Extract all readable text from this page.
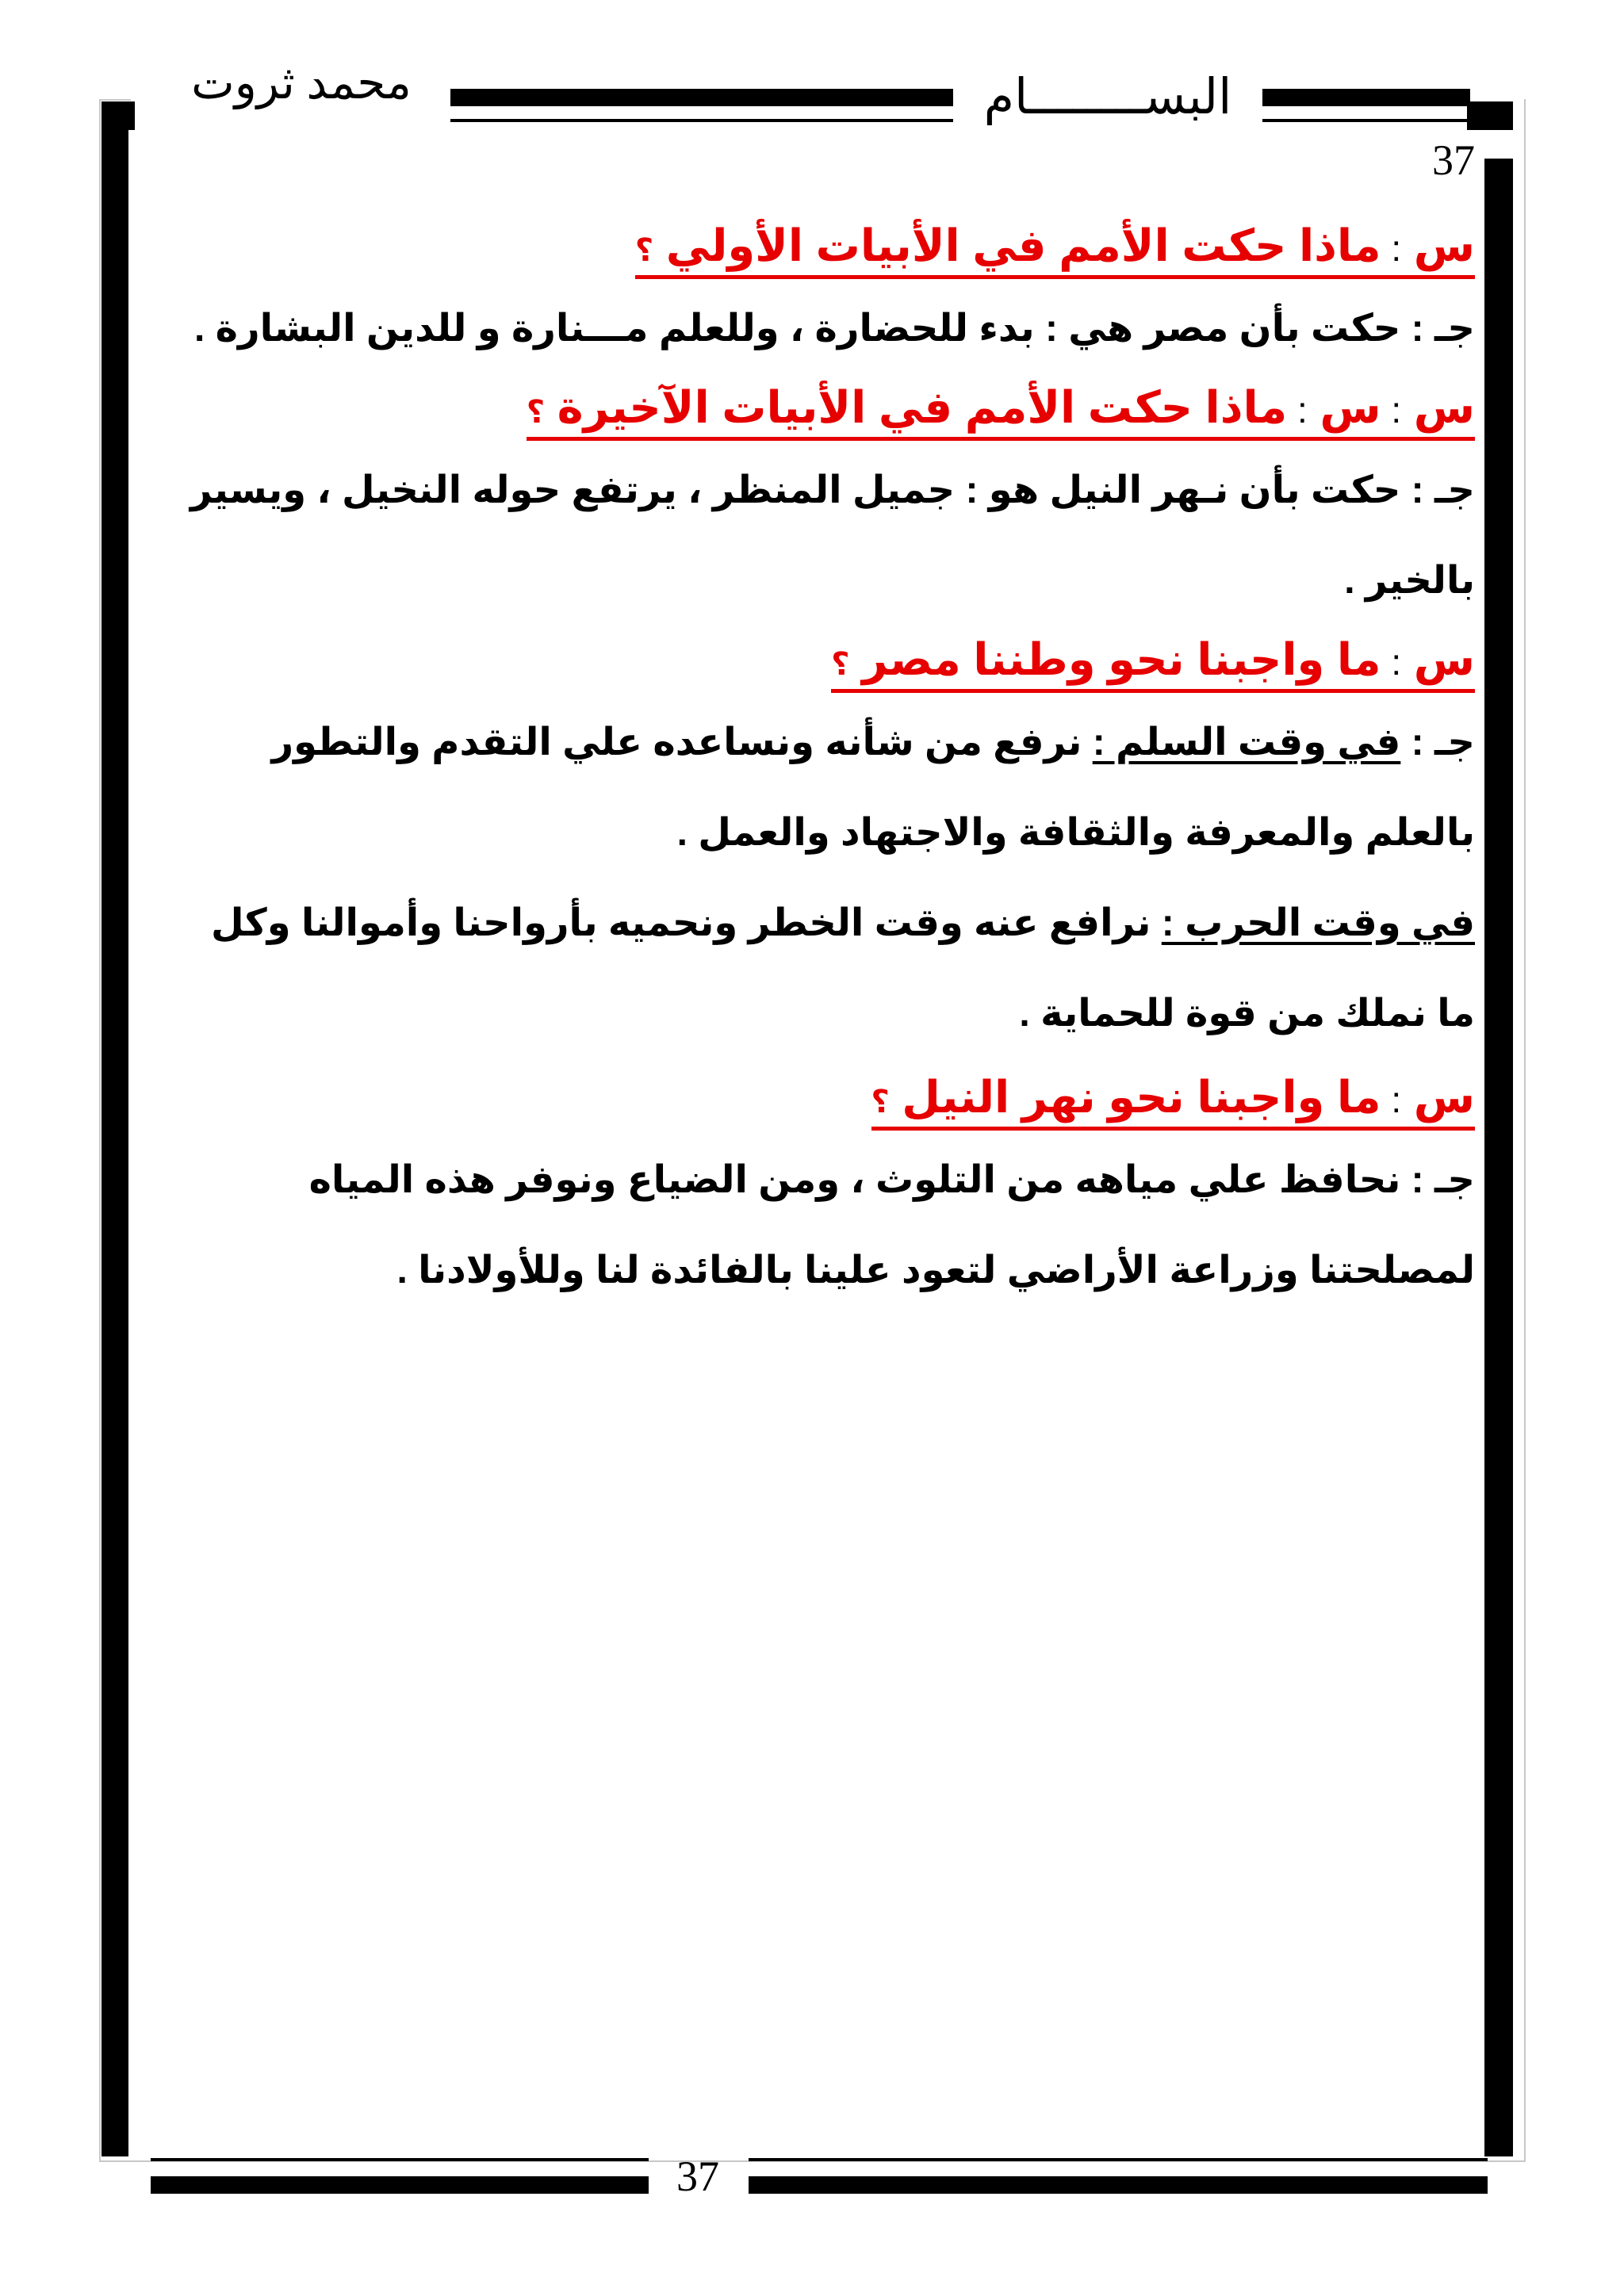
البســــــــام
محمد ثروت
37
37
س : ماذا حكت الأمم في الأبيات الأولي ؟
جـ : حكت بأن مصر هي : بدء للحضارة ، وللعلم مـــنارة و للدين البشارة .
س : س : ماذا حكت الأمم في الأبيات الآخيرة ؟
جـ : حكت بأن نـهر النيل هو : جميل المنظر ، يرتفع حوله النخيل ، ويسير بالخير .
س : ما واجبنا نحو وطننا مصر ؟
جـ : في وقت السلم : نرفع من شأنه ونساعده علي التقدم والتطور بالعلم والمعرفة والثقافة والاجتهاد والعمل .
في وقت الحرب : نرافع عنه وقت الخطر ونحميه بأرواحنا وأموالنا وكل ما نملك من قوة للحماية .
س : ما واجبنا نحو نهر النيل ؟
جـ : نحافظ علي مياهه من التلوث ، ومن الضياع ونوفر هذه المياه لمصلحتنا وزراعة الأراضي لتعود علينا بالفائدة لنا وللأولادنا .
